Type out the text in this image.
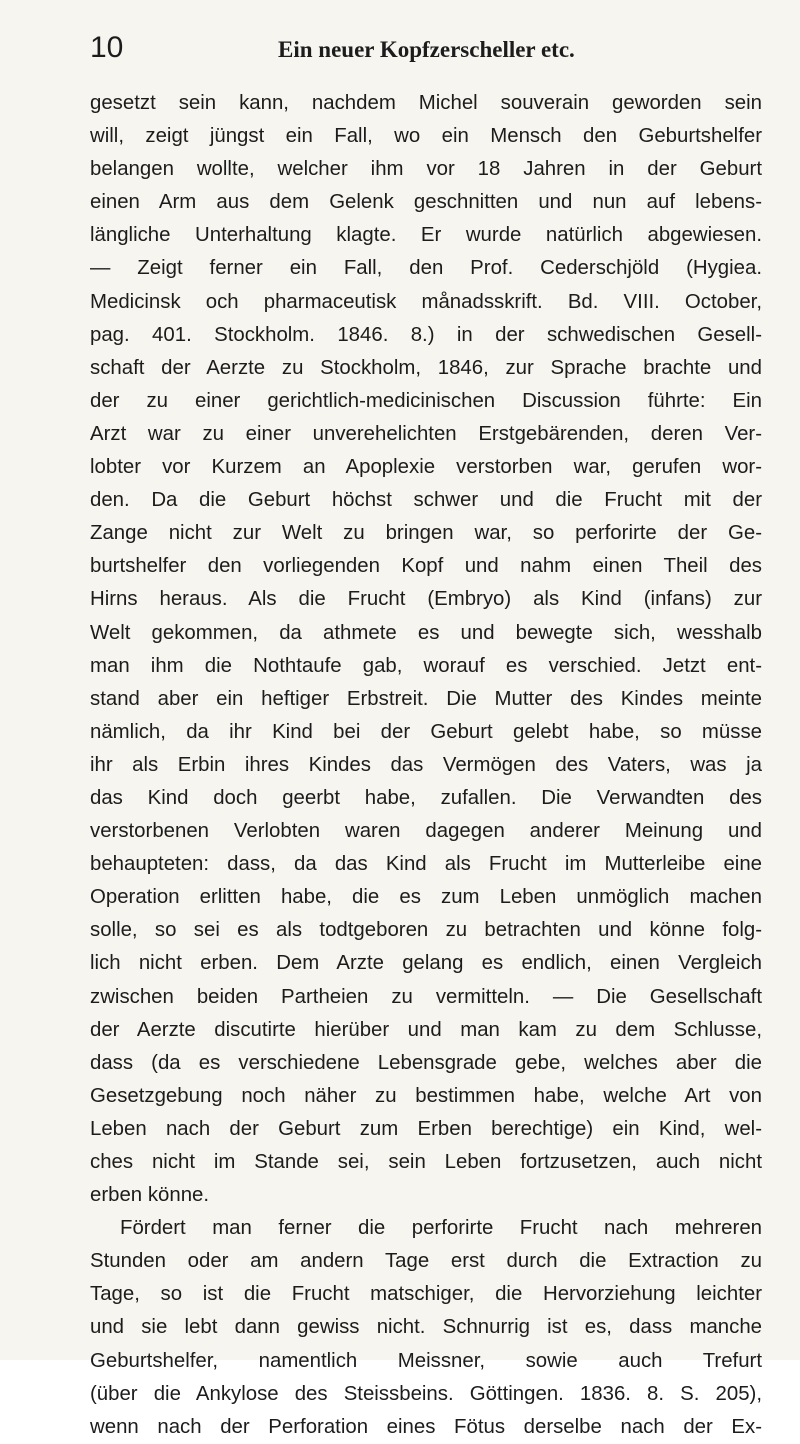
10	Ein neuer Kopfzerscheller etc.
gesetzt sein kann, nachdem Michel souverain geworden sein
will, zeigt jüngst ein Fall, wo ein Mensch den Geburtshelfer
belangen wollte, welcher ihm vor 18 Jahren in der Geburt
einen Arm aus dem Gelenk geschnitten und nun auf lebens-
längliche Unterhaltung klagte. Er wurde natürlich abgewiesen.
— Zeigt ferner ein Fall, den Prof. Cederschjöld (Hygiea.
Medicinsk och pharmaceutisk månadsskrift. Bd. VIII. October,
pag. 401. Stockholm. 1846. 8.) in der schwedischen Gesell-
schaft der Aerzte zu Stockholm, 1846, zur Sprache brachte und
der zu einer gerichtlich-medicinischen Discussion führte: Ein
Arzt war zu einer unverehelichten Erstgebärenden, deren Ver-
lobter vor Kurzem an Apoplexie verstorben war, gerufen wor-
den. Da die Geburt höchst schwer und die Frucht mit der
Zange nicht zur Welt zu bringen war, so perforirte der Ge-
burtshelfer den vorliegenden Kopf und nahm einen Theil des
Hirns heraus. Als die Frucht (Embryo) als Kind (infans) zur
Welt gekommen, da athmete es und bewegte sich, wesshalb
man ihm die Nothtaufe gab, worauf es verschied. Jetzt ent-
stand aber ein heftiger Erbstreit. Die Mutter des Kindes meinte
nämlich, da ihr Kind bei der Geburt gelebt habe, so müsse
ihr als Erbin ihres Kindes das Vermögen des Vaters, was ja
das Kind doch geerbt habe, zufallen. Die Verwandten des
verstorbenen Verlobten waren dagegen anderer Meinung und
behaupteten: dass, da das Kind als Frucht im Mutterleibe eine
Operation erlitten habe, die es zum Leben unmöglich machen
solle, so sei es als todtgeboren zu betrachten und könne folg-
lich nicht erben. Dem Arzte gelang es endlich, einen Vergleich
zwischen beiden Partheien zu vermitteln. — Die Gesellschaft
der Aerzte discutirte hierüber und man kam zu dem Schlusse,
dass (da es verschiedene Lebensgrade gebe, welches aber die
Gesetzgebung noch näher zu bestimmen habe, welche Art von
Leben nach der Geburt zum Erben berechtige) ein Kind, wel-
ches nicht im Stande sei, sein Leben fortzusetzen, auch nicht
erben könne.
Fördert man ferner die perforirte Frucht nach mehreren
Stunden oder am andern Tage erst durch die Extraction zu
Tage, so ist die Frucht matschiger, die Hervorziehung leichter
und sie lebt dann gewiss nicht. Schnurrig ist es, dass manche
Geburtshelfer, namentlich Meissner, sowie auch Trefurt
(über die Ankylose des Steissbeins. Göttingen. 1836. 8. S. 205),
wenn nach der Perforation eines Fötus derselbe nach der Ex-
